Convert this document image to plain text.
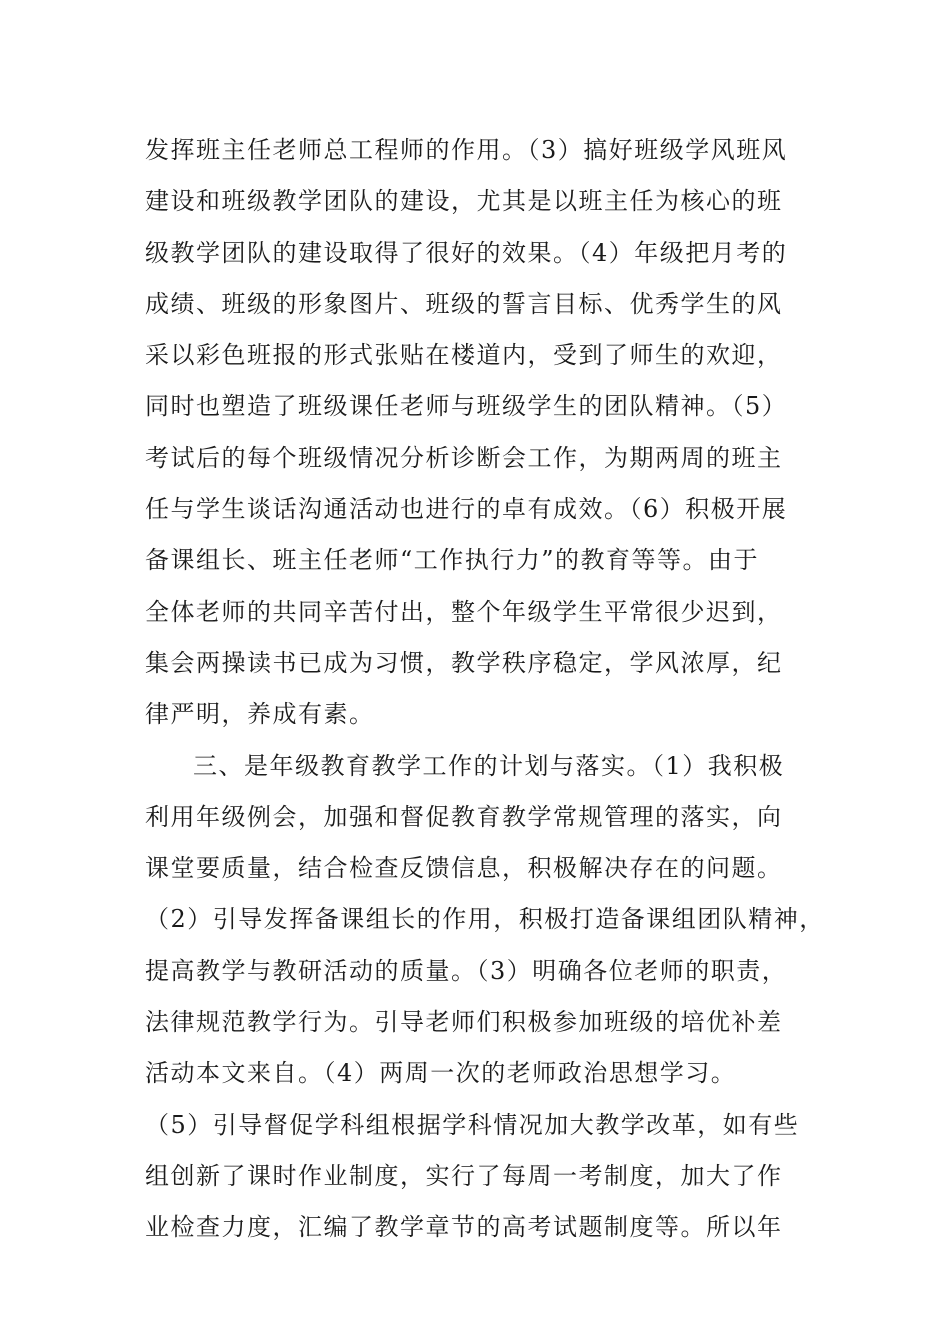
发挥班主任老师总工程师的作用。（3）搞好班级学风班风
建设和班级教学团队的建设，尤其是以班主任为核心的班
级教学团队的建设取得了很好的效果。（4）年级把月考的
成绩、班级的形象图片、班级的誓言目标、优秀学生的风
采以彩色班报的形式张贴在楼道内，受到了师生的欢迎，
同时也塑造了班级课任老师与班级学生的团队精神。（5）
考试后的每个班级情况分析诊断会工作，为期两周的班主
任与学生谈话沟通活动也进行的卓有成效。（6）积极开展
备课组长、班主任老师“工作执行力”的教育等等。由于
全体老师的共同辛苦付出，整个年级学生平常很少迟到，
集会两操读书已成为习惯，教学秩序稳定，学风浓厚，纪
律严明，养成有素。
三、是年级教育教学工作的计划与落实。（1）我积极
利用年级例会，加强和督促教育教学常规管理的落实，向
课堂要质量，结合检查反馈信息，积极解决存在的问题。
（2）引导发挥备课组长的作用，积极打造备课组团队精神，
提高教学与教研活动的质量。（3）明确各位老师的职责，
法律规范教学行为。引导老师们积极参加班级的培优补差
活动本文来自。（4）两周一次的老师政治思想学习。
（5）引导督促学科组根据学科情况加大教学改革，如有些
组创新了课时作业制度，实行了每周一考制度，加大了作
业检查力度，汇编了教学章节的高考试题制度等。所以年
